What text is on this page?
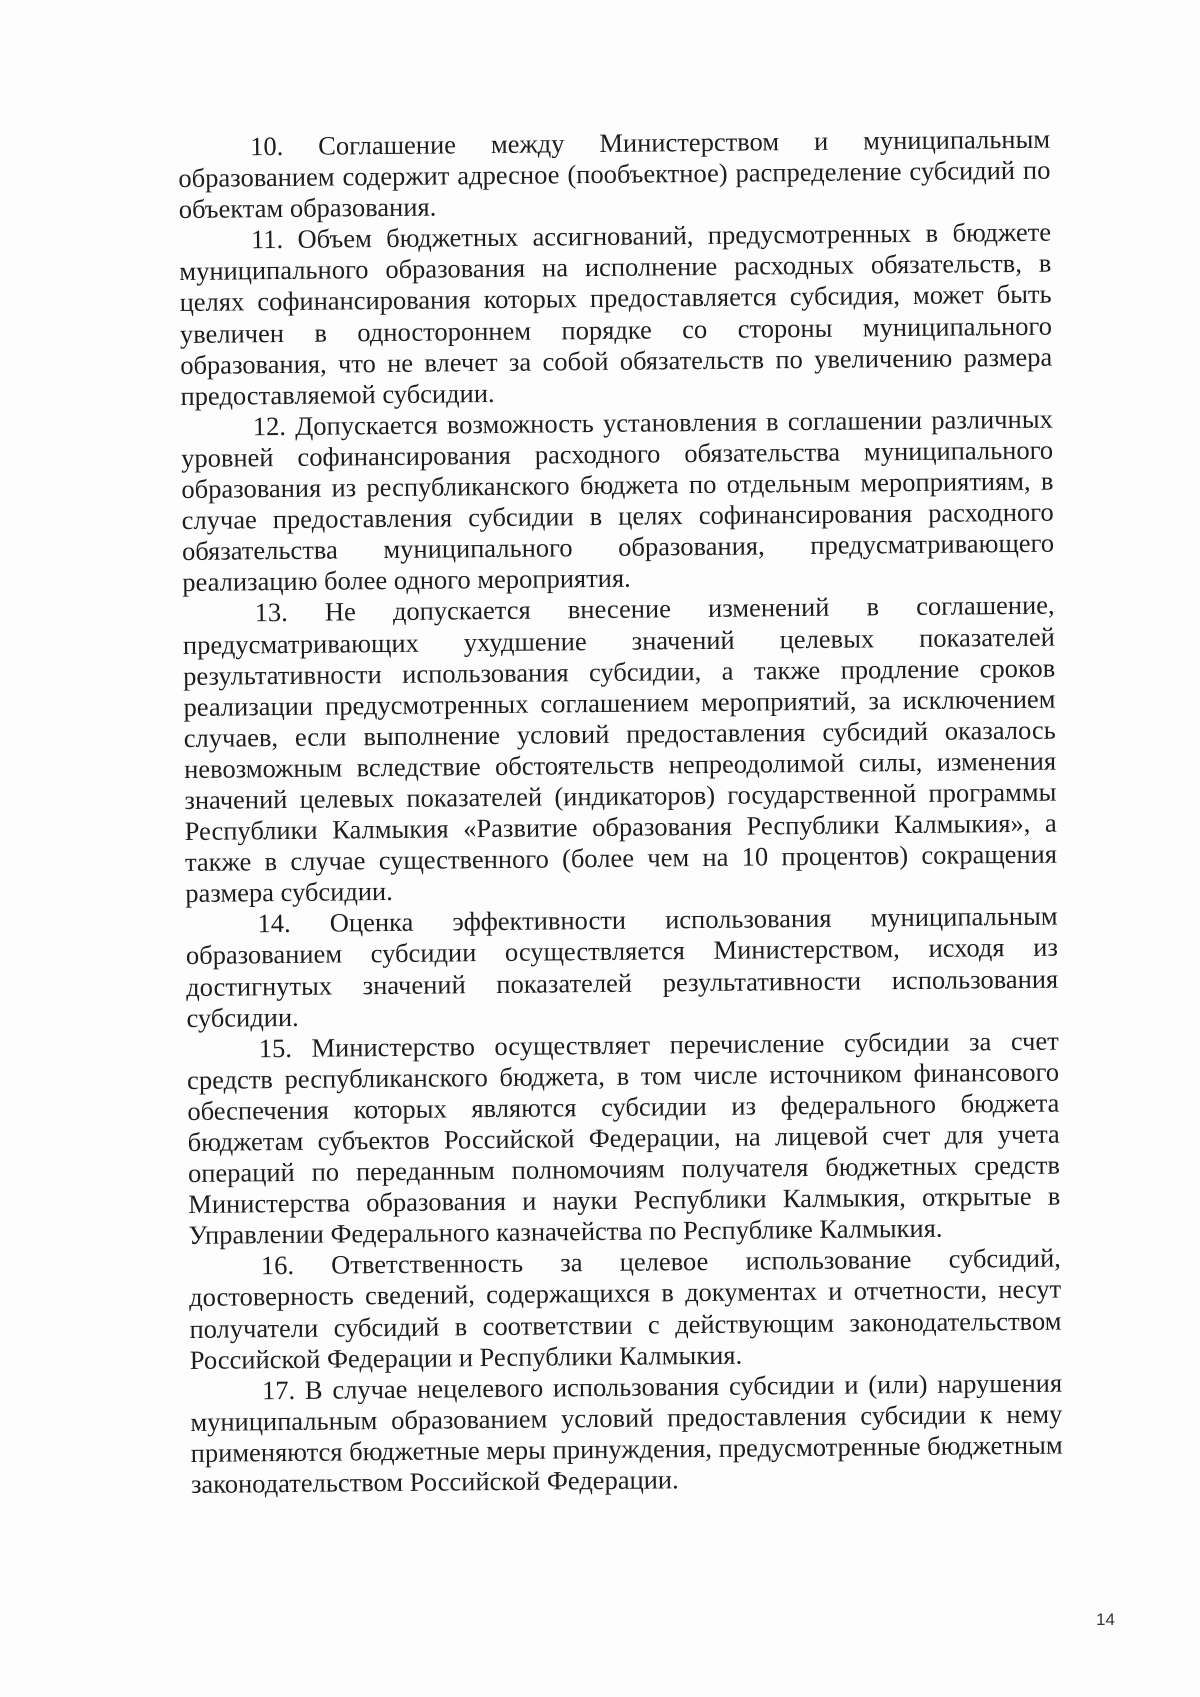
10. Соглашение между Министерством и муниципальным образованием содержит адресное (пообъектное) распределение субсидий по объектам образования.

11. Объем бюджетных ассигнований, предусмотренных в бюджете муниципального образования на исполнение расходных обязательств, в целях софинансирования которых предоставляется субсидия, может быть увеличен в одностороннем порядке со стороны муниципального образования, что не влечет за собой обязательств по увеличению размера предоставляемой субсидии.

12. Допускается возможность установления в соглашении различных уровней софинансирования расходного обязательства муниципального образования из республиканского бюджета по отдельным мероприятиям, в случае предоставления субсидии в целях софинансирования расходного обязательства муниципального образования, предусматривающего реализацию более одного мероприятия.

13. Не допускается внесение изменений в соглашение, предусматривающих ухудшение значений целевых показателей результативности использования субсидии, а также продление сроков реализации предусмотренных соглашением мероприятий, за исключением случаев, если выполнение условий предоставления субсидий оказалось невозможным вследствие обстоятельств непреодолимой силы, изменения значений целевых показателей (индикаторов) государственной программы Республики Калмыкия «Развитие образования Республики Калмыкия», а также в случае существенного (более чем на 10 процентов) сокращения размера субсидии.

14. Оценка эффективности использования муниципальным образованием субсидии осуществляется Министерством, исходя из достигнутых значений показателей результативности использования субсидии.

15. Министерство осуществляет перечисление субсидии за счет средств республиканского бюджета, в том числе источником финансового обеспечения которых являются субсидии из федерального бюджета бюджетам субъектов Российской Федерации, на лицевой счет для учета операций по переданным полномочиям получателя бюджетных средств Министерства образования и науки Республики Калмыкия, открытые в Управлении Федерального казначейства по Республике Калмыкия.

16. Ответственность за целевое использование субсидий, достоверность сведений, содержащихся в документах и отчетности, несут получатели субсидий в соответствии с действующим законодательством Российской Федерации и Республики Калмыкия.

17. В случае нецелевого использования субсидии и (или) нарушения муниципальным образованием условий предоставления субсидии к нему применяются бюджетные меры принуждения, предусмотренные бюджетным законодательством Российской Федерации.

14
